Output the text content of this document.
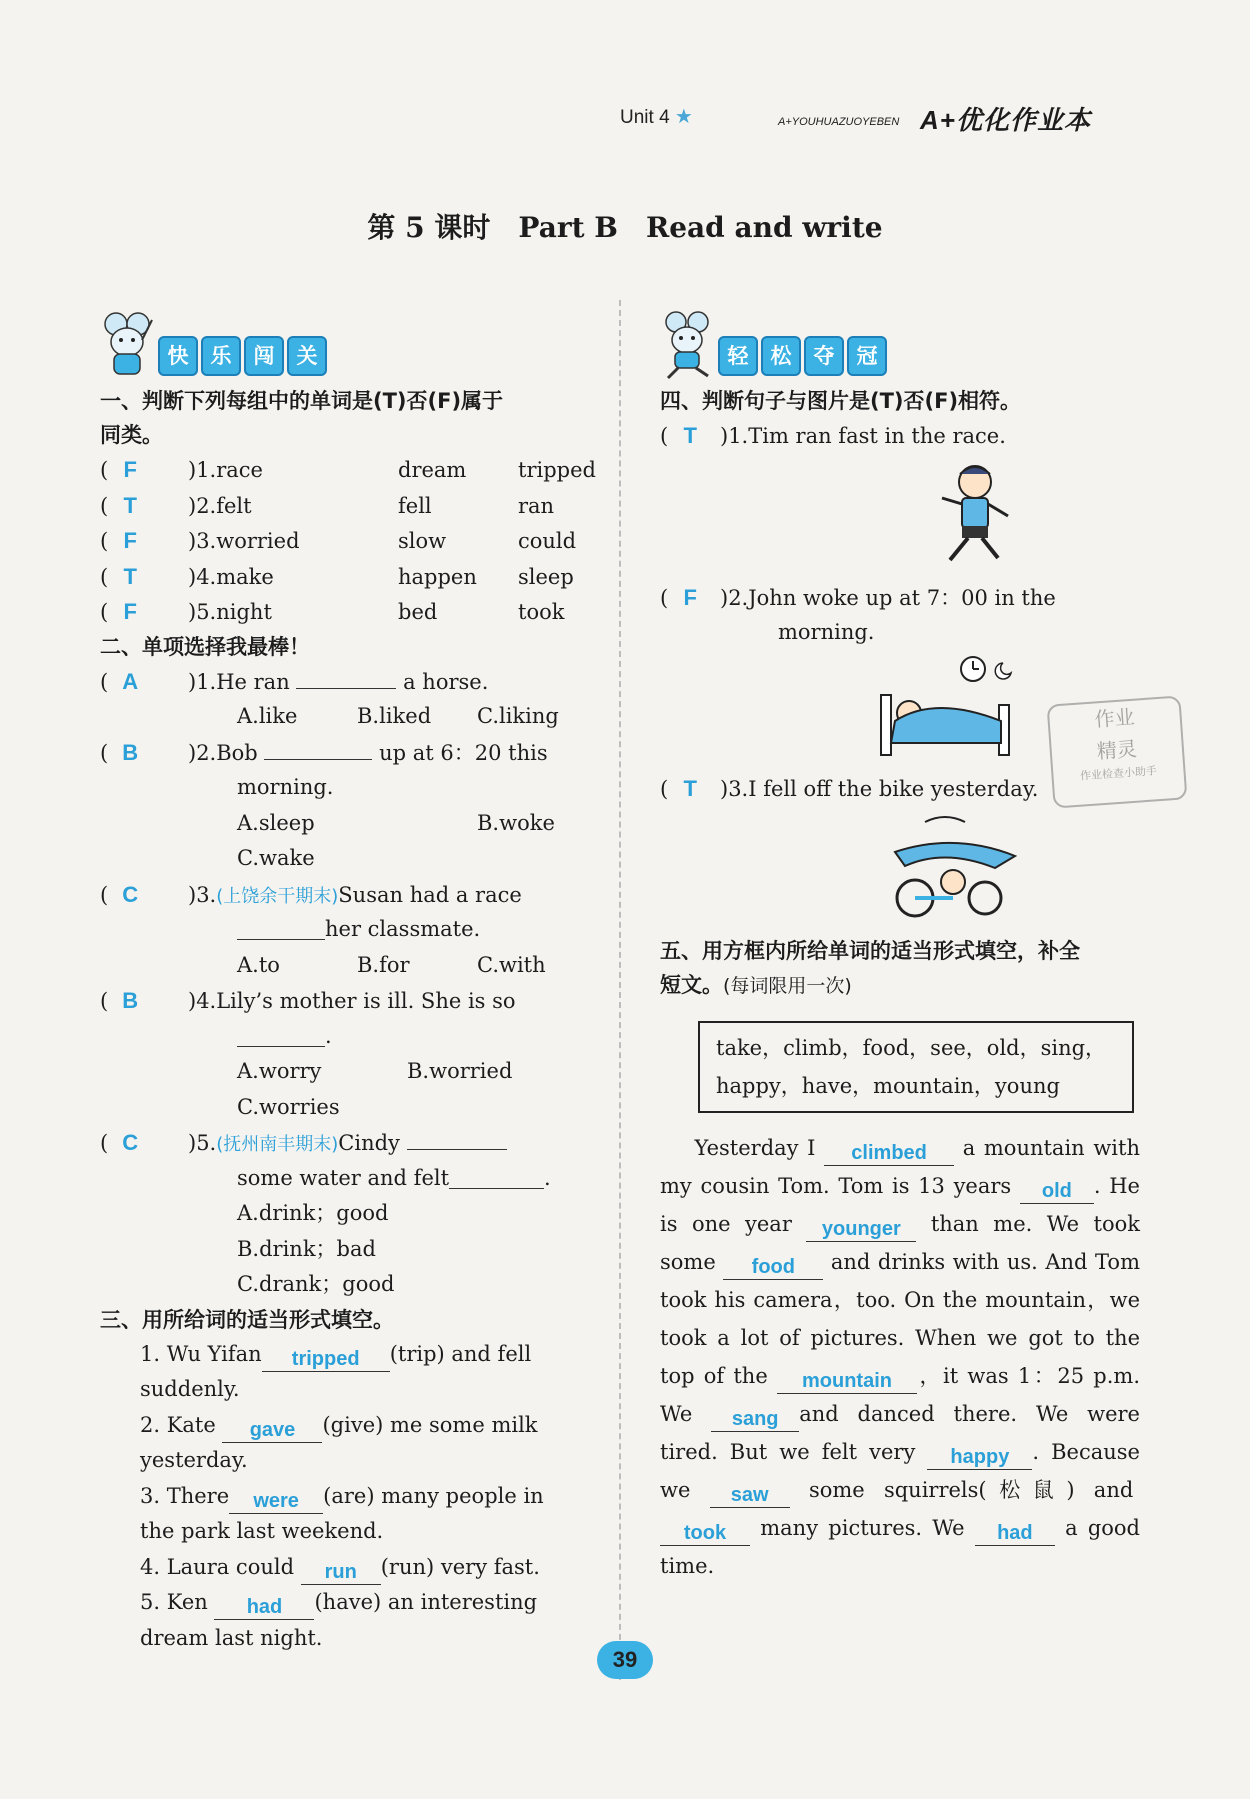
Unit 4 ★	A+YOUHUAZUOYEBEN A+优化作业本
第 5 课时　Part B　Read and write
快	乐	闯	关
一、判断下列每组中的单词是(T)否(F)属于
同类。
( F	)1.race	dream	tripped
( T	)2.felt	fell	ran
( F	)3.worried	slow	could
( T	)4.make	happen	sleep
( F	)5.night	bed	took
二、单项选择我最棒！
( A	)1.He ran

	a horse.
A.like	B.liked C.liking
( B	)2.Bob

	up at 6：20 this
morning.
A.sleep	B.woke
C.wake
( C	)3. (上饶余干期末) Susan had a race
her classmate.
A.to	B.for	C.with
( B	)4.Lily’s mother is ill. She is so
.
A.worry	B.worried
C.worries
( C	)5. (抚州南丰期末) Cindy

some water and felt	.
A.drink；good
B.drink；bad
C.drank；good
三、用所给词的适当形式填空。
1. Wu Yifan tripped (trip) and fell
suddenly.
2. Kate gave (give) me some milk
yesterday.
3. There were (are) many people in
the park last weekend.
4. Laura could run (run) very fast.
5. Ken had (have) an interesting
dream last night.
轻	松	夺	冠
四、判断句子与图片是(T)否(F)相符。
( T	)1.Tim ran fast in the race.
( F	)2.John woke up at 7：00 in the
morning.
( T	)3.I fell off the bike yesterday.
五、用方框内所给单词的适当形式填空，补全
短文。(每词限用一次)
take，climb，food，see，old，sing，
happy，have，mountain，young
Yesterday I climbed a mountain with my cousin Tom. Tom is 13 years old . He is one year younger than me. We took some food and drinks with us. And Tom took his camera，too. On the mountain，we took a lot of pictures. When we got to the top of the mountain ，it was 1：25 p.m. We sang and danced there. We were tired. But we felt very happy . Because we saw some squirrels(松鼠) and took many pictures. We had a good time.
作业
精灵
作业检查小助手
39
